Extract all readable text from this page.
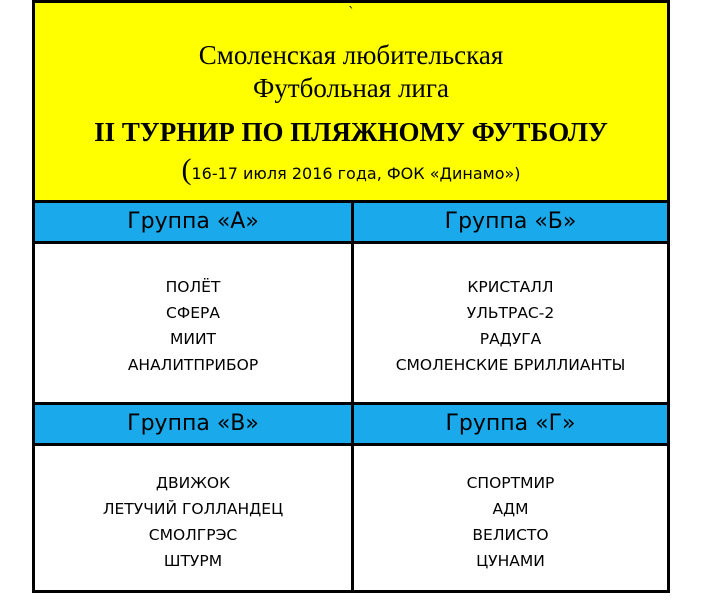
`
Смоленская любительская
Футбольная лига
II ТУРНИР ПО ПЛЯЖНОМУ ФУТБОЛУ
(16-17 июля 2016 года, ФОК «Динамо»)
Группа «А»	Группа «Б»
ПОЛЁТ
СФЕРА
МИИТ
АНАЛИТПРИБОР
КРИСТАЛЛ
УЛЬТРАС-2
РАДУГА
СМОЛЕНСКИЕ БРИЛЛИАНТЫ
Группа «В»	Группа «Г»
ДВИЖОК
ЛЕТУЧИЙ ГОЛЛАНДЕЦ
СМОЛГРЭС
ШТУРМ
СПОРТМИР
АДМ
ВЕЛИСТО
ЦУНАМИ
